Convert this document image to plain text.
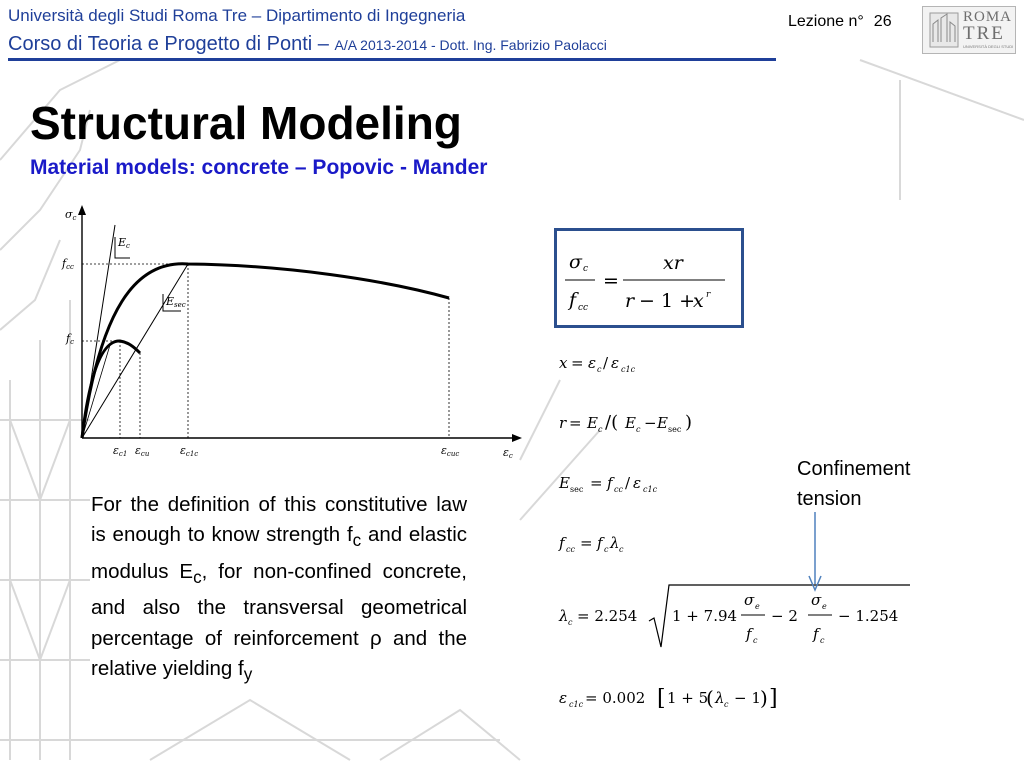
Università degli Studi Roma Tre – Dipartimento di Ingegneria
Corso di Teoria e Progetto di Ponti – A/A 2013-2014 - Dott. Ing. Fabrizio Paolacci
Lezione n° 26	ROMA
TRE
UNIVERSITÀ DEGLI STUDI
Structural Modeling
Material models: concrete – Popovic - Mander
σc
εc
fcc
fc
Ec
Esec
εc1 εcu	εc1c	εcuc
For the definition of this constitutive law is enough to know strength $f_c$ and elastic modulus $E_c$, for non-confined concrete, and also the transversal geometrical percentage of reinforcement ρ and the relative yielding $f_y$
σ c
f cc
=
xr
r − 1 +
x r
x = ε c / ε c1c
r = E c /( E c − E sec )
E sec = f cc / ε c1c
f cc = f c λ c
λ c = 2.254 1 + 7.94
σ e
f c
− 2
σ e
f c
− 1.254
ε c1c = 0.002 [ 1 + 5
( λ c − 1 ) ]
Confinement
tension
